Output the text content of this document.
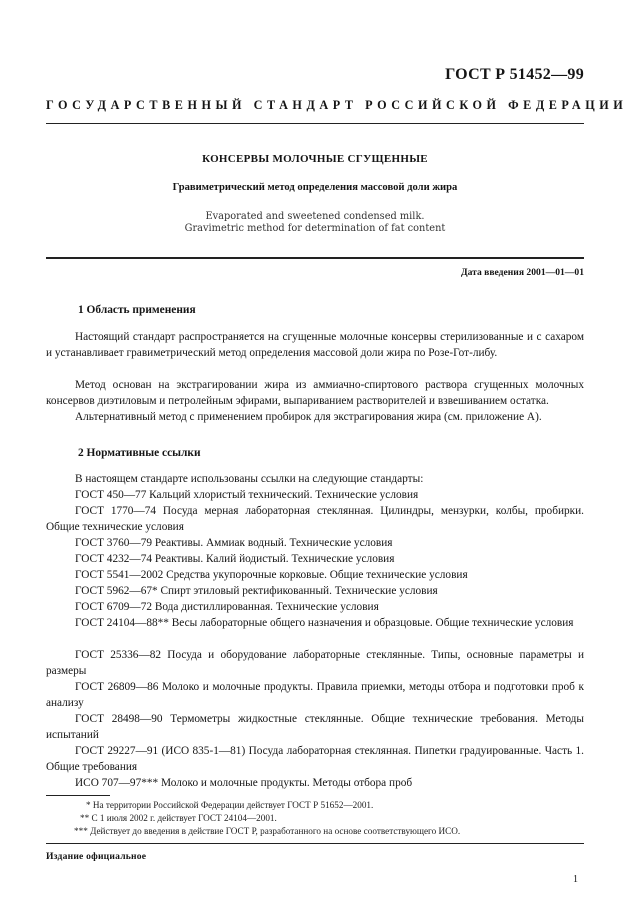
ГОСТ Р 51452—99
ГОСУДАРСТВЕННЫЙ СТАНДАРТ РОССИЙСКОЙ ФЕДЕРАЦИИ
КОНСЕРВЫ МОЛОЧНЫЕ СГУЩЕННЫЕ
Гравиметрический метод определения массовой доли жира
Evaporated and sweetened condensed milk.
Gravimetric method for determination of fat content
Дата введения 2001—01—01
1 Область применения
Настоящий стандарт распространяется на сгущенные молочные консервы стерилизованные и с сахаром и устанавливает гравиметрический метод определения массовой доли жира по Розе-Гот-либу.
Метод основан на экстрагировании жира из аммиачно-спиртового раствора сгущенных молочных консервов диэтиловым и петролейным эфирами, выпариванием растворителей и взвешиванием остатка.
Альтернативный метод с применением пробирок для экстрагирования жира (см. приложение А).
2 Нормативные ссылки
В настоящем стандарте использованы ссылки на следующие стандарты:
ГОСТ 450—77 Кальций хлористый технический. Технические условия
ГОСТ 1770—74 Посуда мерная лабораторная стеклянная. Цилиндры, мензурки, колбы, пробирки. Общие технические условия
ГОСТ 3760—79 Реактивы. Аммиак водный. Технические условия
ГОСТ 4232—74 Реактивы. Калий йодистый. Технические условия
ГОСТ 5541—2002 Средства укупорочные корковые. Общие технические условия
ГОСТ 5962—67* Спирт этиловый ректификованный. Технические условия
ГОСТ 6709—72 Вода дистиллированная. Технические условия
ГОСТ 24104—88** Весы лабораторные общего назначения и образцовые. Общие технические условия
ГОСТ 25336—82 Посуда и оборудование лабораторные стеклянные. Типы, основные параметры и размеры
ГОСТ 26809—86 Молоко и молочные продукты. Правила приемки, методы отбора и подготовки проб к анализу
ГОСТ 28498—90 Термометры жидкостные стеклянные. Общие технические требования. Методы испытаний
ГОСТ 29227—91 (ИСО 835-1—81) Посуда лабораторная стеклянная. Пипетки градуированные. Часть 1. Общие требования
ИСО 707—97*** Молоко и молочные продукты. Методы отбора проб
* На территории Российской Федерации действует ГОСТ Р 51652—2001.
** С 1 июля 2002 г. действует ГОСТ 24104—2001.
*** Действует до введения в действие ГОСТ Р, разработанного на основе соответствующего ИСО.
Издание официальное
1
